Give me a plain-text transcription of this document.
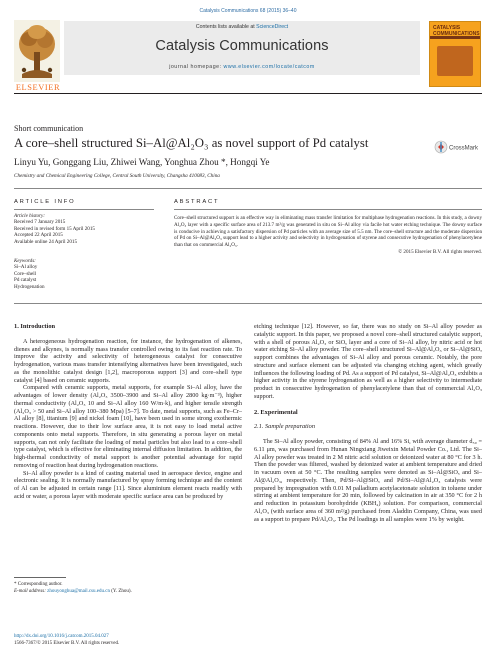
Catalysis Communications 68 (2015) 36–40
Contents lists available at ScienceDirect
Catalysis Communications
journal homepage: www.elsevier.com/locate/catcom
ELSEVIER
CATALYSIS COMMUNICATIONS
Short communication
A core–shell structured Si–Al@Al₂O₃ as novel support of Pd catalyst	CrossMark
Linyu Yu, Gonggang Liu, Zhiwei Wang, Yonghua Zhou *, Hongqi Ye
Chemistry and Chemical Engineering College, Central South University, Changsha 410083, China
ARTICLE INFO	ABSTRACT
Article history:
Received 7 January 2015
Received in revised form 15 April 2015
Accepted 22 April 2015
Available online 24 April 2015
Keywords:
Si–Al alloy
Core–shell
Pd catalyst
Hydrogenation
Core–shell structured support is an effective way in eliminating mass transfer limitation for multiphase hydrogenation reactions. In this study, a downy Al₂O₃ layer with a specific surface area of 213.7 m²/g was generated in situ on Si–Al alloy via facile hot water etching technique. The downy surface is conducive in achieving a satisfactory dispersion of Pd particles with an average size of 5.5 nm. The core–shell structure and the moderate dispersion of Pd on Si–Al@Al₂O₃ support lead to a higher activity and selectivity in hydrogenation of styrene and consecutive hydrogenation of phenylacetylene than that on commercial Al₂O₃.
© 2015 Elsevier B.V. All rights reserved.
1. Introduction

A heterogeneous hydrogenation reaction, for instance, the hydrogenation of alkenes, dienes and alkynes, is normally mass transfer controlled owing to its fast reaction rate. To improve the activity and selectivity of heterogeneous catalyst for consecutive hydrogenation, various mass transfer intensifying alternatives have been investigated, such as the monolithic catalyst design [1,2], macroporous support [3] and core–shell type catalyst [4] based on ceramic supports.

Compared with ceramic supports, metal supports, for example Si–Al alloy, have the advantages of lower density (Al₂O₃ 3500–3900 and Si–Al alloy 2800 kg·m⁻³), higher thermal conductivity (Al₂O₃ 10 and Si–Al alloy 160 W/m·k), and higher tensile strength (Al₂O₃ > 50 and Si–Al alloy 100–380 Mpa) [5–7]. To date, metal supports, such as Fe–Cr–Al alloy [8], titanium [9] and nickel foam [10], have been used in some strong exothermic reactions. However, due to their low surface area, it is not easy to load metal active components onto metal supports. Therefore, in situ generating a porous layer on metal supports, can not only facilitate the loading of metal particles but also lead to a core–shell type catalyst, which is effective for eliminating internal diffusion limitation. In addition, the high-thermal conductivity of metal support is another potential advantage for rapid removing of reaction heat during hydrogenation reactions.

Si–Al alloy powder is a kind of casting material used in aerospace device, engine and electronic sealing. It is normally manufactured by spray forming technique and the content of Al can be adjusted in certain range [11]. Since aluminium element reacts readily with acid or water, a porous layer with moderate specific surface area can be produced by

etching technique [12]. However, so far, there was no study on Si–Al alloy powder as catalytic support. In this paper, we proposed a novel core–shell structured catalytic support, with a shell of porous Al₂O₃ or SiOₓ layer and a core of Si–Al alloy, by nitric acid or hot water etching Si–Al alloy powder. The core–shell structured Si–Al@Al₂O₃ or Si–Al@SiOₓ support combines the advantages of Si–Al alloy and porous ceramic. Notably, the pore structure and surface element can be adjusted via changing etching agent, which greatly influences the following loading of Pd. As a support of Pd catalyst, Si–Al@Al₂O₃ exhibits a higher activity in the styrene hydrogenation as well as a higher selectivity to intermediate product in consecutive hydrogenation of phenylacetylene than that of commercial Al₂O₃ support.

2. Experimental
2.1. Sample preparation

The Si–Al alloy powder, consisting of 84% Al and 16% Si, with average diameter d₅₀ = 6.11 μm, was purchased from Hunan Ningxiang Jiweixin Metal Powder Co., Ltd. The Si–Al alloy powder was treated in 2 M nitric acid solution or deionized water at 80 °C for 3 h. Then the powder was filtered, washed by deionized water at ambient temperature and dried in vacuum oven at 50 °C. The resulting samples were denoted as Si–Al@SiOₓ and Si–Al@Al₂O₃, respectively. Then, Pd/Si–Al@SiOₓ and Pd/Si–Al@Al₂O₃ catalysts were prepared by impregnation with 0.01 M palladium acetylacetonate solution in toluene under stirring at ambient temperature for 20 min, followed by calcination in air at 350 °C for 2 h and reduction in potassium borohydride (KBH₄) solution. For comparison, commercial Al₂O₃ (with surface area of 360 m²/g) purchased from Aladdin Company, China, was used as a support to prepare Pd/Al₂O₃. The Pd loadings in all samples were 1% by weight.

* Corresponding author.
E-mail address: zhouyonghua@mail.csu.edu.cn (Y. Zhou).
http://dx.doi.org/10.1016/j.catcom.2015.04.027
1566-7367/© 2015 Elsevier B.V. All rights reserved.
